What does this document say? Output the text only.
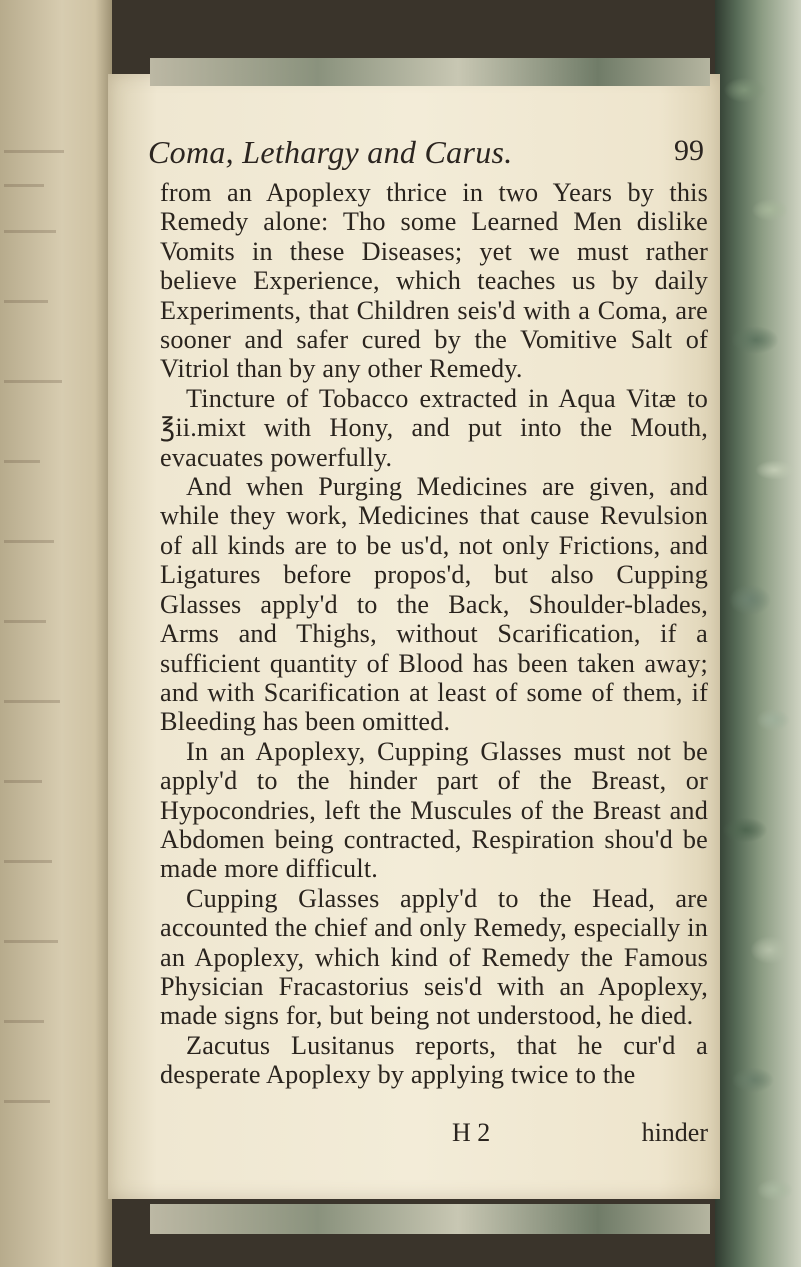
Coma, Lethargy and Carus.	99

from an Apoplexy thrice in two Years by this Remedy alone: Tho some Learned Men dislike Vomits in these Diseases; yet we must rather believe Experience, which teaches us by daily Experiments, that Children seis'd with a Coma, are sooner and safer cured by the Vomitive Salt of Vitriol than by any other Remedy.

Tincture of Tobacco extracted in Aqua Vitæ to ℥ii.mixt with Hony, and put into the Mouth, evacuates powerfully.

And when Purging Medicines are given, and while they work, Medicines that cause Revulsion of all kinds are to be us'd, not only Frictions, and Ligatures before propos'd, but also Cupping Glasses apply'd to the Back, Shoulder-blades, Arms and Thighs, without Scarification, if a sufficient quantity of Blood has been taken away; and with Scarification at least of some of them, if Bleeding has been omitted.

In an Apoplexy, Cupping Glasses must not be apply'd to the hinder part of the Breast, or Hypocondries, left the Muscules of the Breast and Abdomen being contracted, Respiration shou'd be made more difficult.

Cupping Glasses apply'd to the Head, are accounted the chief and only Remedy, especially in an Apoplexy, which kind of Remedy the Famous Physician Fracastorius seis'd with an Apoplexy, made signs for, but being not understood, he died.

Zacutus Lusitanus reports, that he cur'd a desperate Apoplexy by applying twice to the

H 2	hinder
